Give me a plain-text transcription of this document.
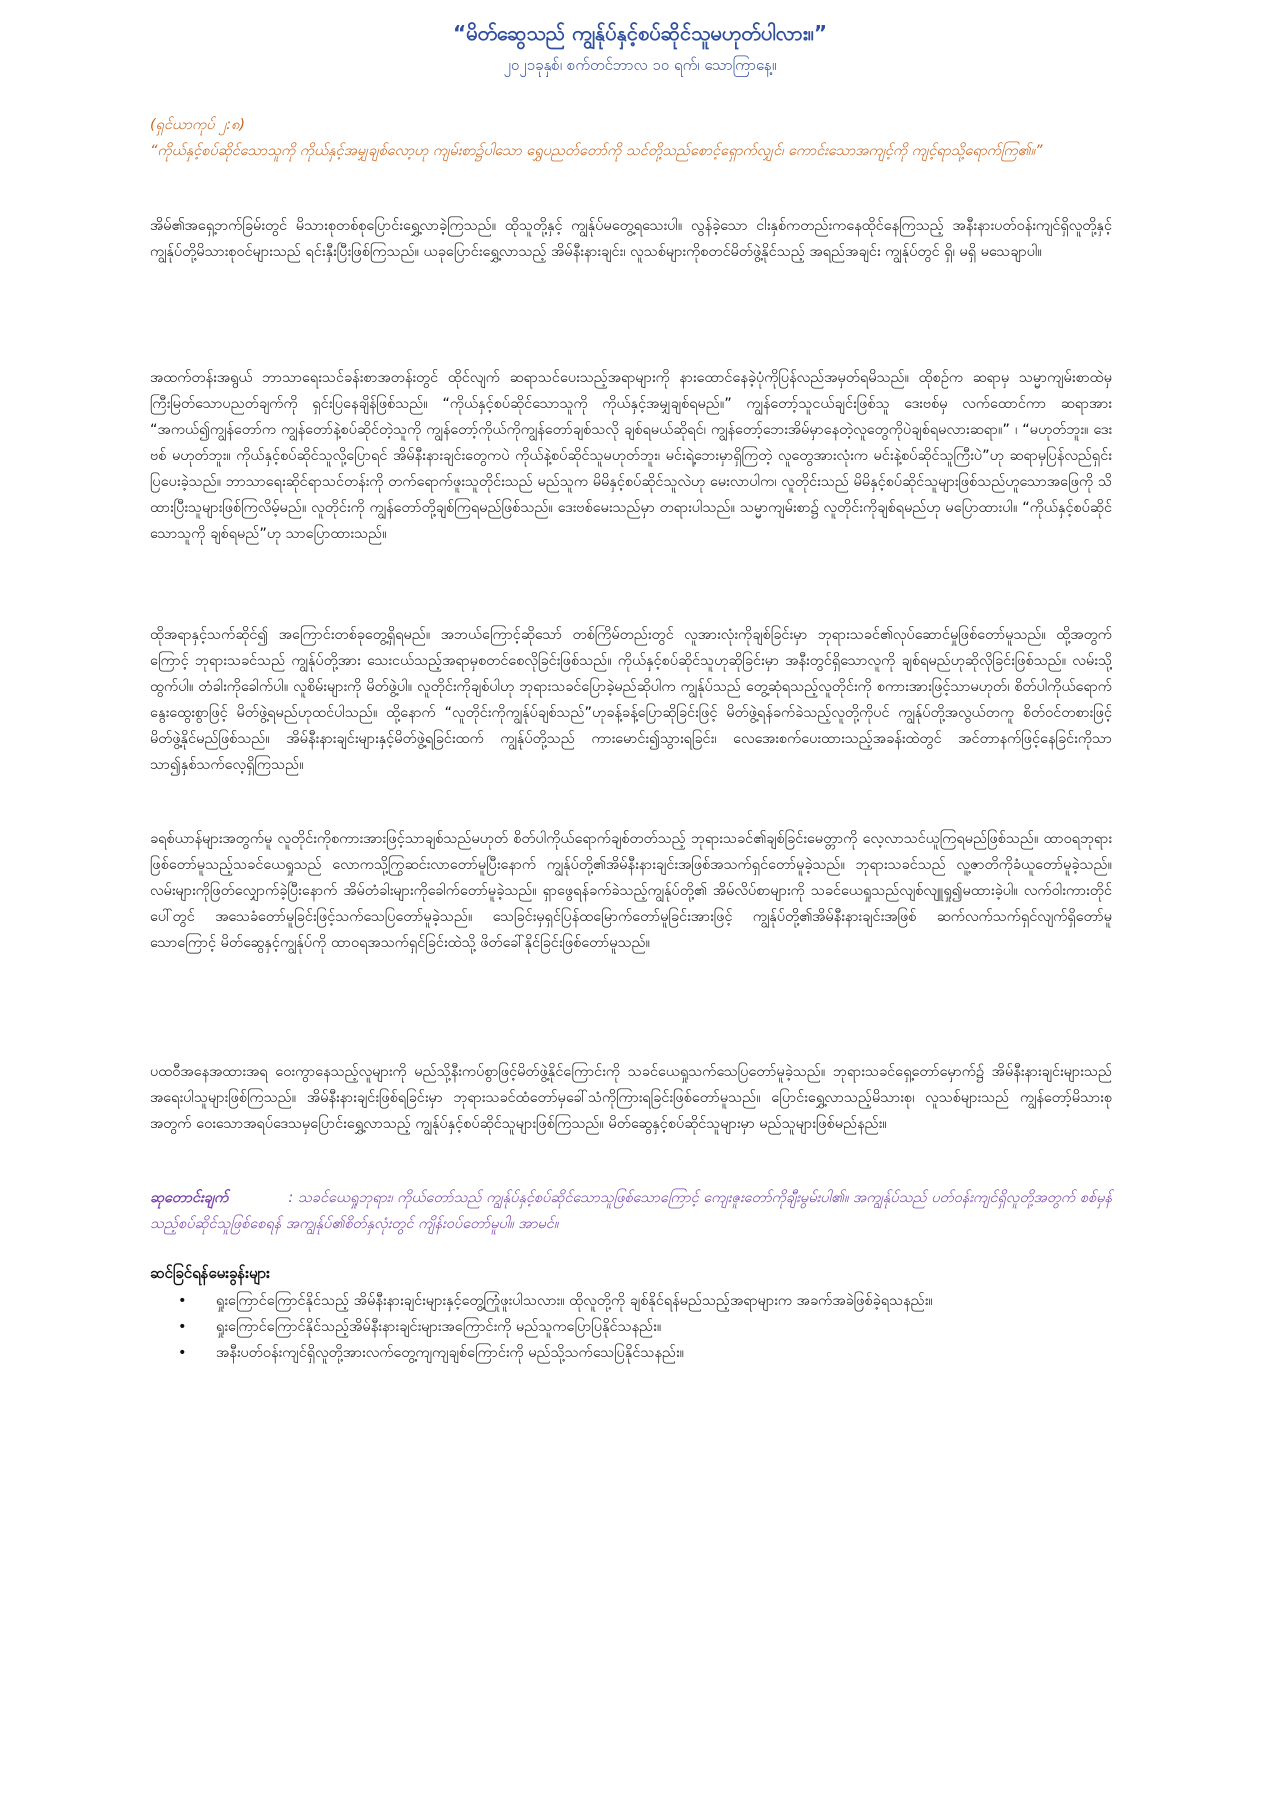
“မိတ်ဆွေသည် ကျွန်ုပ်နှင့်စပ်ဆိုင်သူမဟုတ်ပါလား။”

၂၀၂၁ခုနှစ်၊ စက်တင်ဘာလ ၁၀ ရက်၊ သောကြာနေ့။

(ရှင်ယာကုပ် ၂:၈)

“ကိုယ်နှင့်စပ်ဆိုင်သောသူကို ကိုယ်နှင့်အမျှချစ်လော့ဟု ကျမ်းစာ၌ပါသော ရွှေပညတ်တော်ကို သင်တို့သည်စောင့်ရှောက်လျှင်၊ ကောင်းသောအကျင့်ကို ကျင့်ရာသို့ရောက်ကြ၏။”

အိမ်၏အရှေ့ဘက်ခြမ်းတွင် မိသားစုတစ်စုပြောင်းရွှေ့လာခဲ့ကြသည်။ ထိုသူတို့နှင့် ကျွန်ုပ်မတွေ့ရသေးပါ။ လွန်ခဲ့သော ငါးနှစ်ကတည်းကနေထိုင်နေကြသည့် အနီးနားပတ်ဝန်းကျင်ရှိလူတို့နှင့် ကျွန်ုပ်တို့မိသားစုဝင်များသည် ရင်းနှီးပြီးဖြစ်ကြသည်။ ယခုပြောင်းရွှေ့လာသည့် အိမ်နီးနားချင်း၊ လူသစ်များကိုစတင်မိတ်ဖွဲ့နိုင်သည့် အရည်အချင်း ကျွန်ုပ်တွင် ရှိ၊ မရှိ မသေချာပါ။

အထက်တန်းအရွယ် ဘာသာရေးသင်ခန်းစာအတန်းတွင် ထိုင်လျက် ဆရာသင်ပေးသည့်အရာများကို နားထောင်နေခဲ့ပုံကိုပြန်လည်အမှတ်ရမိသည်။ ထိုစဉ်က ဆရာမှ သမ္မာကျမ်းစာထဲမှကြီးမြတ်သောပညတ်ချက်ကို ရှင်းပြနေချိန်ဖြစ်သည်။ “ကိုယ်နှင့်စပ်ဆိုင်သောသူကို ကိုယ်နှင့်အမျှချစ်ရမည်။” ကျွန်တော့်သူငယ်ချင်းဖြစ်သူ ဒေးဗစ်မှ လက်ထောင်ကာ ဆရာအား “အကယ်၍ကျွန်တော်က ကျွန်တော်နဲ့စပ်ဆိုင်တဲ့သူကို ကျွန်တော့်ကိုယ်ကိုကျွန်တော်ချစ်သလို ချစ်ရမယ်ဆိုရင်၊ ကျွန်တော့်ဘေးအိမ်မှာနေတဲ့လူတွေကိုပဲချစ်ရမလားဆရာ။” ၊ “မဟုတ်ဘူး။ ဒေးဗစ် မဟုတ်ဘူး။ ကိုယ်နှင့်စပ်ဆိုင်သူလို့ပြောရင် အိမ်နီးနားချင်းတွေကပဲ ကိုယ်နဲ့စပ်ဆိုင်သူမဟုတ်ဘူး၊ မင်းရဲ့ဘေးမှာရှိကြတဲ့ လူတွေအားလုံးက မင်းနဲ့စပ်ဆိုင်သူကြီးပဲ”ဟု ဆရာမှပြန်လည်ရှင်းပြပေးခဲ့သည်။ ဘာသာရေးဆိုင်ရာသင်တန်းကို တက်ရောက်ဖူးသူတိုင်းသည် မည်သူက မိမိနှင့်စပ်ဆိုင်သူလဲဟု မေးလာပါက၊ လူတိုင်းသည် မိမိနှင့်စပ်ဆိုင်သူများဖြစ်သည်ဟူသောအဖြေကို သိထားပြီးသူများဖြစ်ကြလိမ့်မည်။ လူတိုင်းကို ကျွန်တော်တို့ချစ်ကြရမည်ဖြစ်သည်။ ဒေးဗစ်မေးသည်မှာ တရားပါသည်။ သမ္မာကျမ်းစာ၌ လူတိုင်းကိုချစ်ရမည်ဟု မပြောထားပါ။ “ကိုယ်နှင့်စပ်ဆိုင်သောသူကို ချစ်ရမည်”ဟု သာပြောထားသည်။

ထိုအရာနှင့်သက်ဆိုင်၍ အကြောင်းတစ်ခုတွေ့ရှိရမည်။ အဘယ်ကြောင့်ဆိုသော် တစ်ကြိမ်တည်းတွင် လူအားလုံးကိုချစ်ခြင်းမှာ ဘုရားသခင်၏လုပ်ဆောင်မှုဖြစ်တော်မူသည်။ ထို့အတွက်ကြောင့် ဘုရားသခင်သည် ကျွန်ုပ်တို့အား သေးငယ်သည့်အရာမှစတင်စေလိုခြင်းဖြစ်သည်။ ကိုယ်နှင့်စပ်ဆိုင်သူဟုဆိုခြင်းမှာ အနီးတွင်ရှိသောလူကို ချစ်ရမည်ဟုဆိုလိုခြင်းဖြစ်သည်။ လမ်းသို့ထွက်ပါ။ တံခါးကိုခေါက်ပါ။ လူစိမ်းများကို မိတ်ဖွဲ့ပါ။ လူတိုင်းကိုချစ်ပါဟု ဘုရားသခင်ပြောခဲ့မည်ဆိုပါက ကျွန်ုပ်သည် တွေ့ဆုံရသည့်လူတိုင်းကို စကားအားဖြင့်သာမဟုတ်၊ စိတ်ပါကိုယ်ရောက်နွေးထွေးစွာဖြင့် မိတ်ဖွဲ့ရမည်ဟုထင်ပါသည်။ ထို့နောက် “လူတိုင်းကိုကျွန်ုပ်ချစ်သည်”ဟုခန့်ခန့်ပြောဆိုခြင်းဖြင့် မိတ်ဖွဲ့ရန်ခက်ခဲသည့်လူတို့ကိုပင် ကျွန်ုပ်တို့အလွယ်တကူ စိတ်ဝင်တစားဖြင့်မိတ်ဖွဲ့နိုင်မည်ဖြစ်သည်။ အိမ်နီးနားချင်းများနှင့်မိတ်ဖွဲ့ရခြင်းထက် ကျွန်ုပ်တို့သည် ကားမောင်း၍သွားရခြင်း၊ လေအေးစက်ပေးထားသည့်အခန်းထဲတွင် အင်တာနက်ဖြင့်နေခြင်းကိုသာ သာ၍နှစ်သက်လေ့ရှိကြသည်။

ခရစ်ယာန်များအတွက်မူ လူတိုင်းကိုစကားအားဖြင့်သာချစ်သည်မဟုတ် စိတ်ပါကိုယ်ရောက်ချစ်တတ်သည့် ဘုရားသခင်၏ချစ်ခြင်းမေတ္တာကို လေ့လာသင်ယူကြရမည်ဖြစ်သည်။ ထာဝရဘုရားဖြစ်တော်မူသည့်သခင်ယေရှုသည် လောကသို့ကြွဆင်းလာတော်မူပြီးနောက် ကျွန်ုပ်တို့၏အိမ်နီးနားချင်းအဖြစ်အသက်ရှင်တော်မူခဲ့သည်။ ဘုရားသခင်သည် လူ့ဇာတိကိုခံယူတော်မူခဲ့သည်။ လမ်းများကိုဖြတ်လျှောက်ခဲ့ပြီးနောက် အိမ်တံခါးများကိုခေါက်တော်မူခဲ့သည်။ ရှာဖွေရန်ခက်ခဲသည့်ကျွန်ုပ်တို့၏ အိမ်လိပ်စာများကို သခင်ယေရှုသည်လျစ်လျူရှု၍မထားခဲ့ပါ။ လက်ဝါးကားတိုင်ပေါ်တွင် အသေခံတော်မူခြင်းဖြင့်သက်သေပြတော်မူခဲ့သည်။ သေခြင်းမှရှင်ပြန်ထမြောက်တော်မူခြင်းအားဖြင့် ကျွန်ုပ်တို့၏အိမ်နီးနားချင်းအဖြစ် ဆက်လက်သက်ရှင်လျက်ရှိတော်မူသောကြောင့် မိတ်ဆွေနှင့်ကျွန်ုပ်ကို ထာဝရအသက်ရှင်ခြင်းထဲသို့ ဖိတ်ခေါ်နိုင်ခြင်းဖြစ်တော်မူသည်။

ပထဝီအနေအထားအရ ဝေးကွာနေသည့်လူများကို မည်သို့နီးကပ်စွာဖြင့်မိတ်ဖွဲ့နိုင်ကြောင်းကို သခင်ယေရှုသက်သေပြတော်မူခဲ့သည်။ ဘုရားသခင်ရှေ့တော်မှောက်၌ အိမ်နီးနားချင်းများသည် အရေးပါသူများဖြစ်ကြသည်။ အိမ်နီးနားချင်းဖြစ်ရခြင်းမှာ ဘုရားသခင်ထံတော်မှခေါ်သံကိုကြားရခြင်းဖြစ်တော်မူသည်။ ပြောင်းရွှေ့လာသည့်မိသားစု၊ လူသစ်များသည် ကျွန်တော့်မိသားစုအတွက် ဝေးသောအရပ်ဒေသမှပြောင်းရွှေ့လာသည့် ကျွန်ုပ်နှင့်စပ်ဆိုင်သူများဖြစ်ကြသည်။ မိတ်ဆွေနှင့်စပ်ဆိုင်သူများမှာ မည်သူများဖြစ်မည်နည်း။

ဆုတောင်းချက်	: သခင်ယေရှုဘုရား၊ ကိုယ်တော်သည် ကျွန်ုပ်နှင့်စပ်ဆိုင်သောသူဖြစ်သောကြောင့် ကျေးဇူးတော်ကိုချီးမွမ်းပါ၏။ အကျွန်ုပ်သည် ပတ်ဝန်းကျင်ရှိလူတို့အတွက် စစ်မှန်သည့်စပ်ဆိုင်သူဖြစ်စေရန် အကျွန်ုပ်၏စိတ်နှလုံးတွင် ကျိန်းဝပ်တော်မူပါ။ အာမင်။

ဆင်ခြင်ရန်မေးခွန်းများ
• ရှုးကြောင်ကြောင်နိုင်သည့် အိမ်နီးနားချင်းများနှင့်တွေ့ကြုံဖူးပါသလား။ ထိုလူတို့ကို ချစ်နိုင်ရန်မည်သည့်အရာများက အခက်အခဲဖြစ်ခဲ့ရသနည်း။
• ရှုးကြောင်ကြောင်နိုင်သည့်အိမ်နီးနားချင်းများအကြောင်းကို မည်သူကပြောပြနိုင်သနည်း။
• အနီးပတ်ဝန်းကျင်ရှိလူတို့အားလက်တွေ့ကျကျချစ်ကြောင်းကို မည်သို့သက်သေပြနိုင်သနည်း။
